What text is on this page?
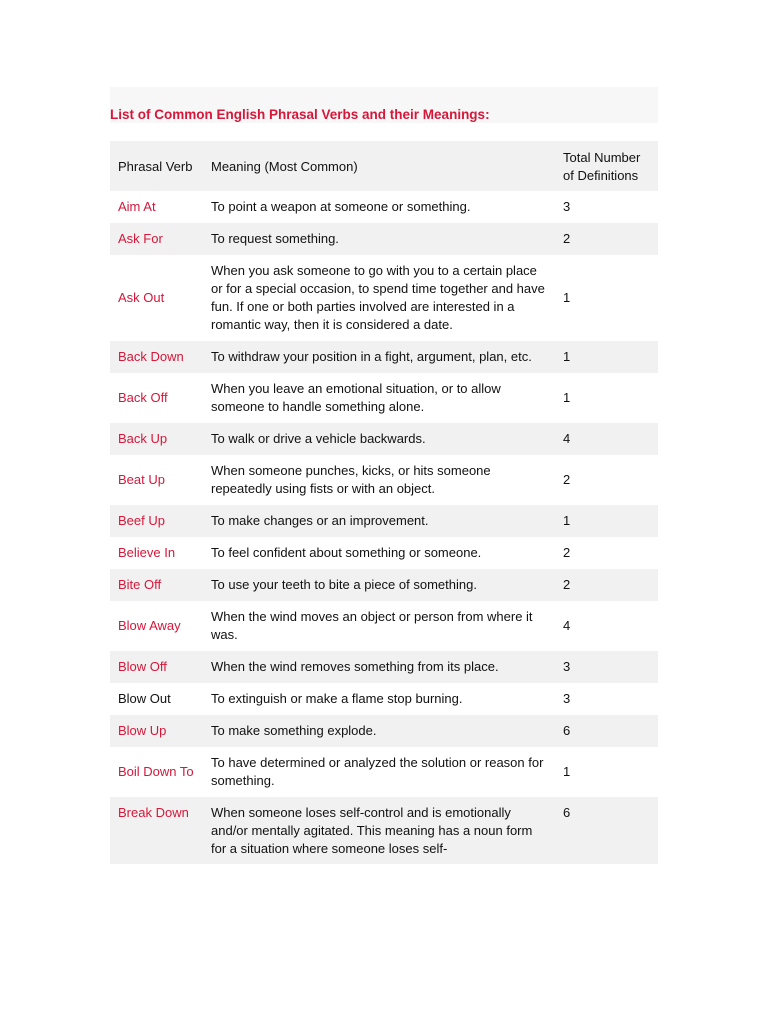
List of Common English Phrasal Verbs and their Meanings:
Phrasal Verb	Meaning (Most Common)	Total Number of Definitions
Aim At	To point a weapon at someone or something.	3
Ask For	To request something.	2
Ask Out	When you ask someone to go with you to a certain place or for a special occasion, to spend time together and have fun. If one or both parties involved are interested in a romantic way, then it is considered a date.	1
Back Down	To withdraw your position in a fight, argument, plan, etc.	1
Back Off	When you leave an emotional situation, or to allow someone to handle something alone.	1
Back Up	To walk or drive a vehicle backwards.	4
Beat Up	When someone punches, kicks, or hits someone repeatedly using fists or with an object.	2
Beef Up	To make changes or an improvement.	1
Believe In	To feel confident about something or someone.	2
Bite Off	To use your teeth to bite a piece of something.	2
Blow Away	When the wind moves an object or person from where it was.	4
Blow Off	When the wind removes something from its place.	3
Blow Out	To extinguish or make a flame stop burning.	3
Blow Up	To make something explode.	6
Boil Down To	To have determined or analyzed the solution or reason for something.	1
Break Down	When someone loses self-control and is emotionally and/or mentally agitated. This meaning has a noun form for a situation where someone loses self-	6
